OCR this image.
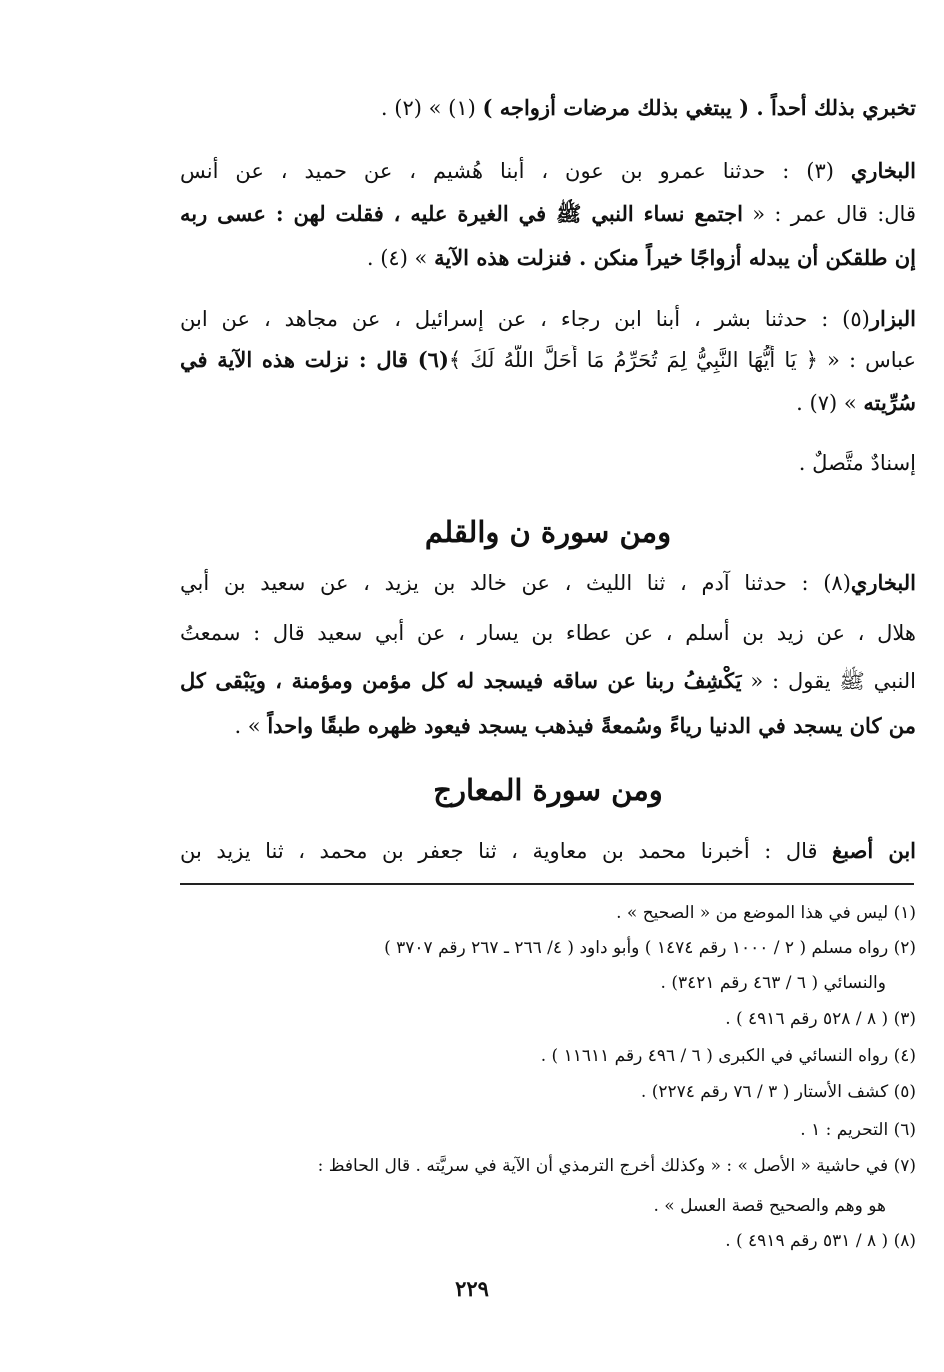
تخبري بذلك أحداً . ( يبتغي بذلك مرضات أزواجه ) (١) » (٢) .
البخاري (٣) : حدثنا عمرو بن عون ، أبنا هُشيم ، عن حميد ، عن أنس
قال: قال عمر : « اجتمع نساء النبي ﷺ في الغيرة عليه ، فقلت لهن : عسى ربه
إن طلقكن أن يبدله أزواجًا خيراً منكن . فنزلت هذه الآية » (٤) .
البزار(٥) : حدثنا بشر ، أبنا ابن رجاء ، عن إسرائيل ، عن مجاهد ، عن ابن
عباس : « ﴿ يَا أَيُّهَا النَّبِيُّ لِمَ تُحَرِّمُ مَا أَحَلَّ اللَّهُ لَكَ ﴾(٦) قال : نزلت هذه الآية في
سُرِّيته » (٧) .
إسنادٌ متَّصلٌ .
ومن سورة ن والقلم
البخاري(٨) : حدثنا آدم ، ثنا الليث ، عن خالد بن يزيد ، عن سعيد بن أبي
هلال ، عن زيد بن أسلم ، عن عطاء بن يسار ، عن أبي سعيد قال : سمعتُ
النبي ﷺ يقول : « يَكْشِفُ ربنا عن ساقه فيسجد له كل مؤمن ومؤمنة ، ويَبْقى كل
من كان يسجد في الدنيا رياءً وسُمعةً فيذهب يسجد فيعود ظهره طبقًا واحداً » .
ومن سورة المعارج
ابن أصبغ قال : أخبرنا محمد بن معاوية ، ثنا جعفر بن محمد ، ثنا يزيد بن
(١) ليس في هذا الموضع من « الصحيح » .
(٢) رواه مسلم ( ٢ / ١٠٠٠ رقم ١٤٧٤ ) وأبو داود ( ٤/ ٢٦٦ ـ ٢٦٧ رقم ٣٧٠٧ )
والنسائي ( ٦ / ٤٦٣ رقم ٣٤٢١) .
(٣) ( ٨ / ٥٢٨ رقم ٤٩١٦ ) .
(٤) رواه النسائي في الكبرى ( ٦ / ٤٩٦ رقم ١١٦١١ ) .
(٥) كشف الأستار ( ٣ / ٧٦ رقم ٢٢٧٤) .
(٦) التحريم : ١ .
(٧) في حاشية « الأصل » : « وكذلك أخرج الترمذي أن الآية في سريَّته . قال الحافظ :
هو وهم والصحيح قصة العسل » .
(٨) ( ٨ / ٥٣١ رقم ٤٩١٩ ) .
٢٢٩
